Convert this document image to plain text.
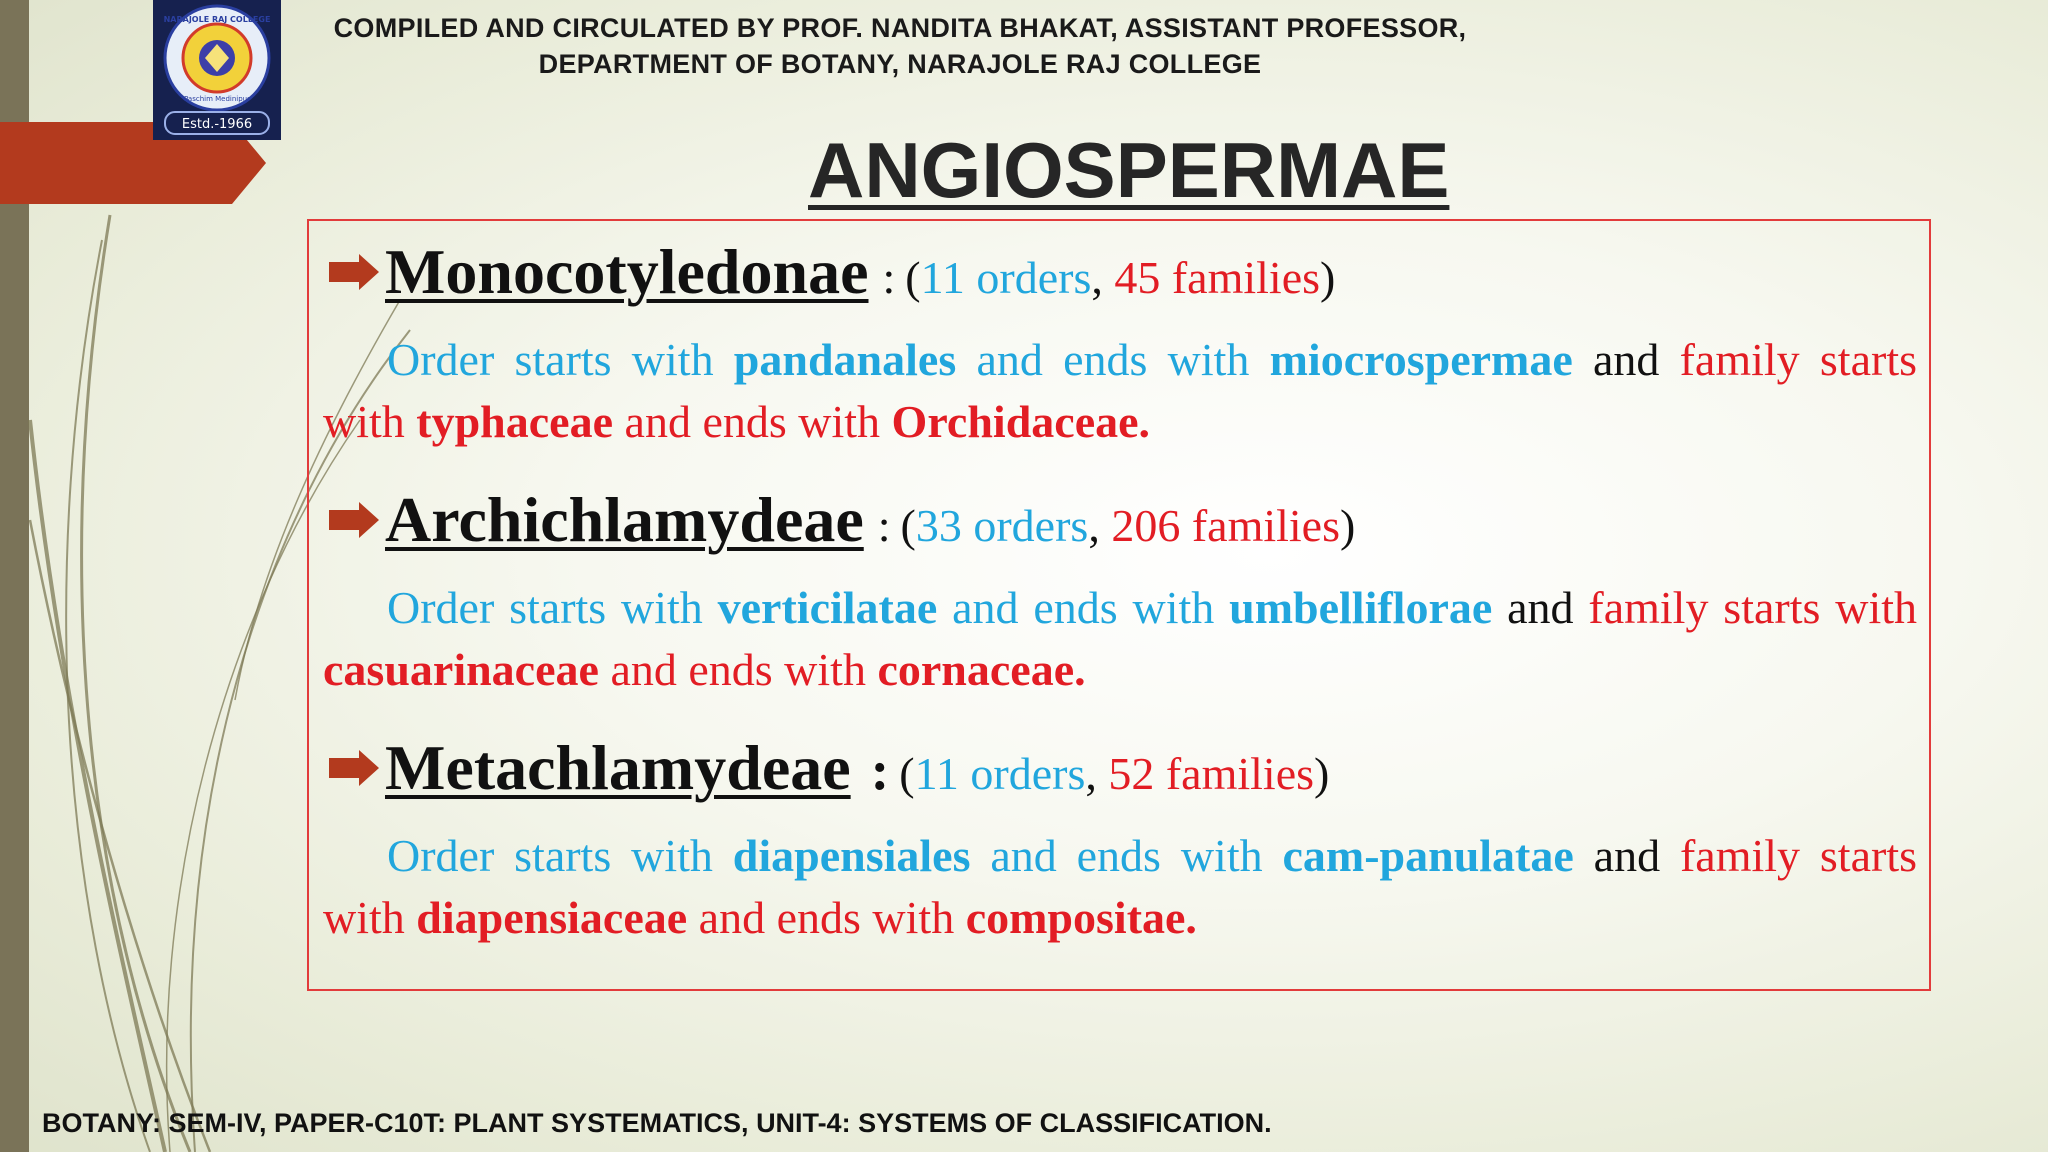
NARAJOLE RAJ COLLEGE
Paschim Medinipur
Estd.-1966
COMPILED AND CIRCULATED BY PROF. NANDITA BHAKAT, ASSISTANT PROFESSOR,
DEPARTMENT OF BOTANY, NARAJOLE RAJ COLLEGE
ANGIOSPERMAE
Monocotyledonae : (11 orders, 45 families)
Order starts with pandanales and ends with miocrospermae and family starts with typhaceae and ends with Orchidaceae.
Archichlamydeae : (33 orders, 206 families)
Order starts with verticilatae and ends with umbelliflorae and family starts with casuarinaceae and ends with cornaceae.
Metachlamydeae : (11 orders, 52 families)
Order starts with diapensiales and ends with cam-panulatae and family starts with diapensiaceae and ends with compositae.
BOTANY: SEM-IV, PAPER-C10T: PLANT SYSTEMATICS, UNIT-4: SYSTEMS OF CLASSIFICATION.
